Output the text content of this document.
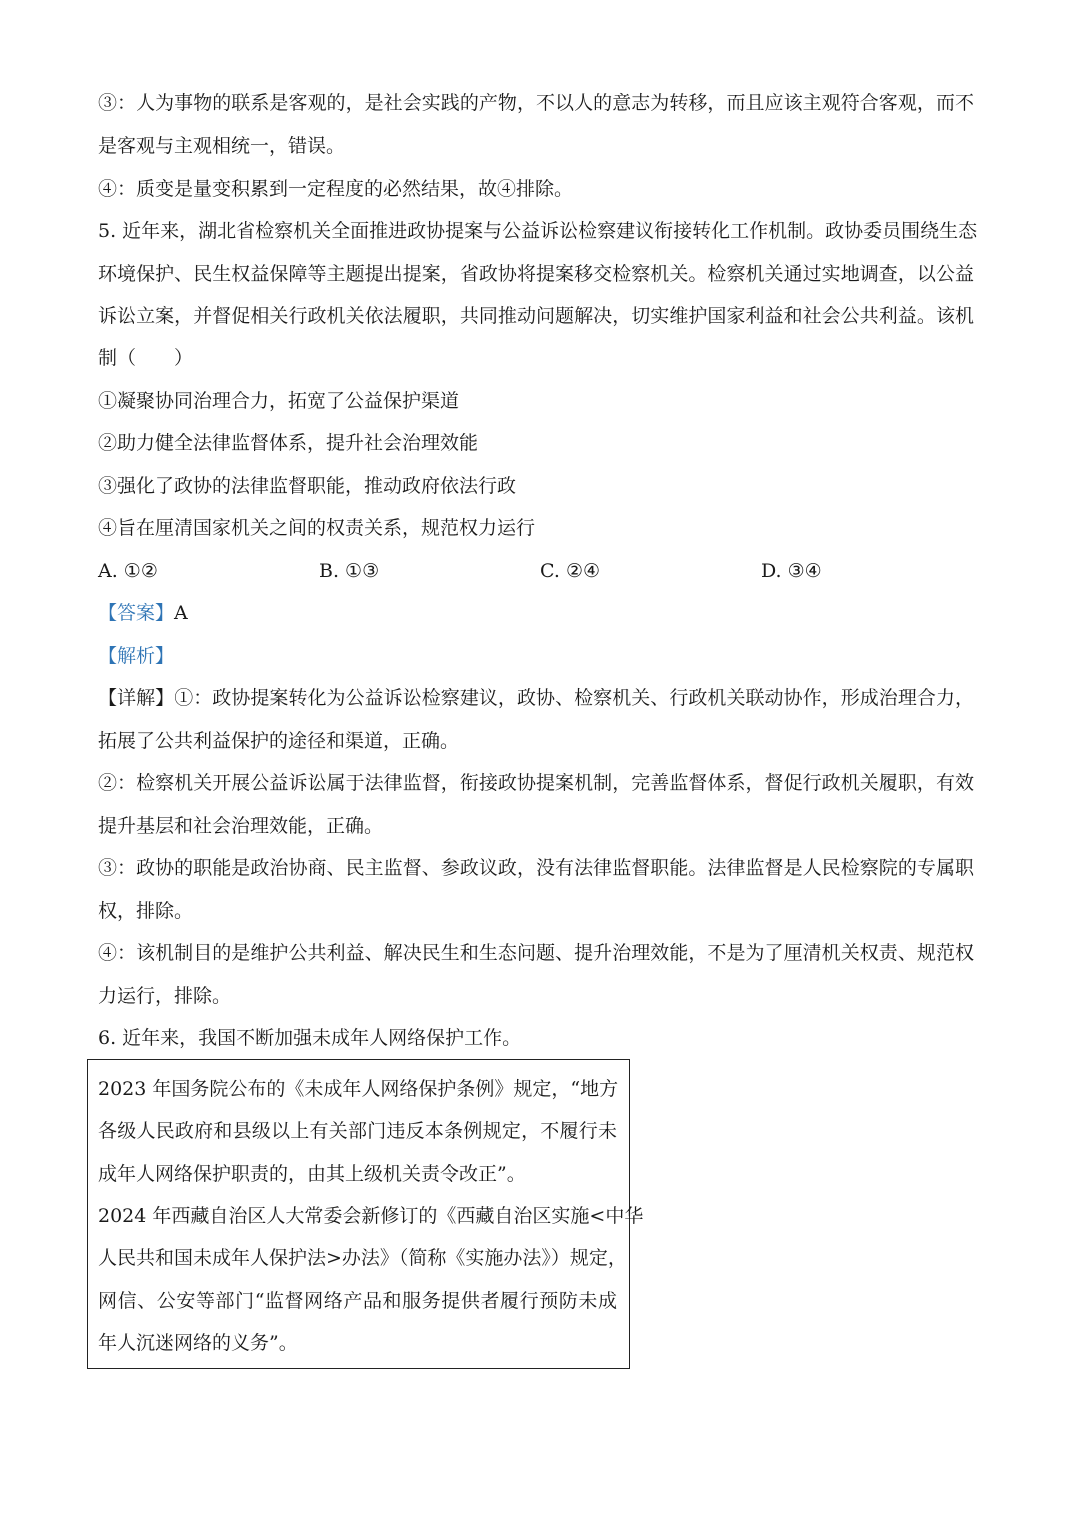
③：人为事物的联系是客观的，是社会实践的产物，不以人的意志为转移，而且应该主观符合客观，而不
是客观与主观相统一，错误。
④：质变是量变积累到一定程度的必然结果，故④排除。
5. 近年来，湖北省检察机关全面推进政协提案与公益诉讼检察建议衔接转化工作机制。政协委员围绕生态
环境保护、民生权益保障等主题提出提案，省政协将提案移交检察机关。检察机关通过实地调查，以公益
诉讼立案，并督促相关行政机关依法履职，共同推动问题解决，切实维护国家利益和社会公共利益。该机
制（　　）
①凝聚协同治理合力，拓宽了公益保护渠道
②助力健全法律监督体系，提升社会治理效能
③强化了政协的法律监督职能，推动政府依法行政
④旨在厘清国家机关之间的权责关系，规范权力运行
A. ①②	B. ①③	C. ②④	D. ③④
【答案】A
【解析】
【详解】①：政协提案转化为公益诉讼检察建议，政协、检察机关、行政机关联动协作，形成治理合力，
拓展了公共利益保护的途径和渠道，正确。
②：检察机关开展公益诉讼属于法律监督，衔接政协提案机制，完善监督体系，督促行政机关履职，有效
提升基层和社会治理效能，正确。
③：政协的职能是政治协商、民主监督、参政议政，没有法律监督职能。法律监督是人民检察院的专属职
权，排除。
④：该机制目的是维护公共利益、解决民生和生态问题、提升治理效能，不是为了厘清机关权责、规范权
力运行，排除。
6. 近年来，我国不断加强未成年人网络保护工作。
2023 年国务院公布的《未成年人网络保护条例》规定，“地方
各级人民政府和县级以上有关部门违反本条例规定，不履行未
成年人网络保护职责的，由其上级机关责令改正”。
2024 年西藏自治区人大常委会新修订的《西藏自治区实施<中华
人民共和国未成年人保护法>办法》（简称《实施办法》）规定，
网信、公安等部门“监督网络产品和服务提供者履行预防未成
年人沉迷网络的义务”。
